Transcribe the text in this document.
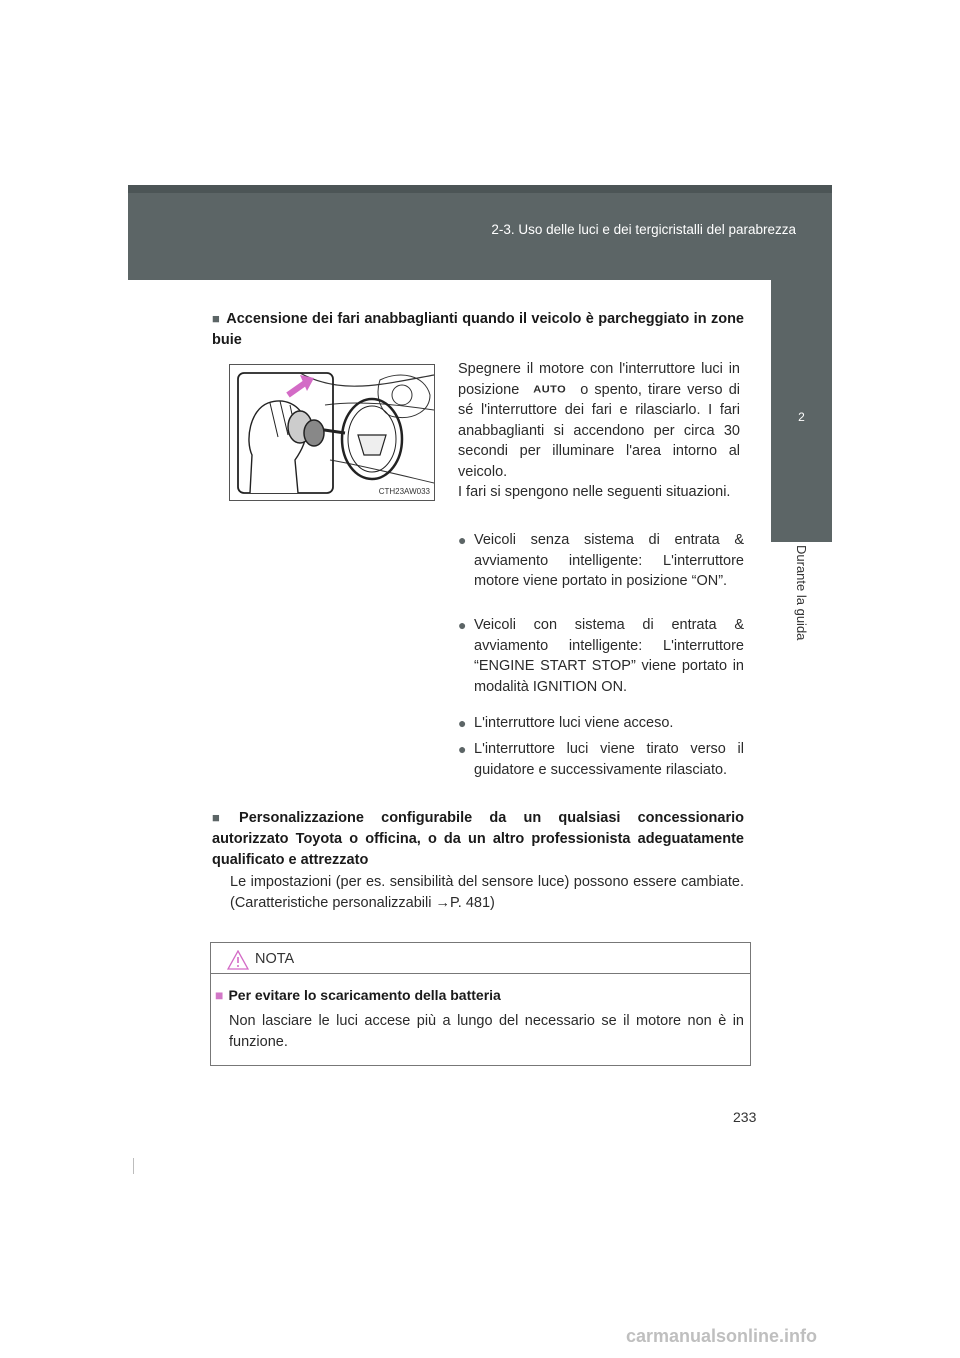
2-3. Uso delle luci e dei tergicristalli del parabrezza
2
Durante la guida
■ Accensione dei fari anabbaglianti quando il veicolo è parcheggiato in zone buie
CTH23AW033
Spegnere il motore con l'interruttore luci in posizione AUTO o spento, tirare verso di sé l'interruttore dei fari e rilasciarlo. I fari anabbaglianti si accendono per circa 30 secondi per illuminare l'area intorno al veicolo.
I fari si spengono nelle seguenti situazioni.
● Veicoli senza sistema di entrata & avviamento intelligente: L'interruttore motore viene portato in posizione “ON”.
● Veicoli con sistema di entrata & avviamento intelligente: L'interruttore “ENGINE START STOP” viene portato in modalità IGNITION ON.
● L'interruttore luci viene acceso.
● L'interruttore luci viene tirato verso il guidatore e successivamente rilasciato.
■ Personalizzazione configurabile da un qualsiasi concessionario autorizzato Toyota o officina, o da un altro professionista adeguatamente qualificato e attrezzato
Le impostazioni (per es. sensibilità del sensore luce) possono essere cambiate. (Caratteristiche personalizzabili →P. 481)
NOTA
■ Per evitare lo scaricamento della batteria
Non lasciare le luci accese più a lungo del necessario se il motore non è in funzione.
233
carmanualsonline.info
